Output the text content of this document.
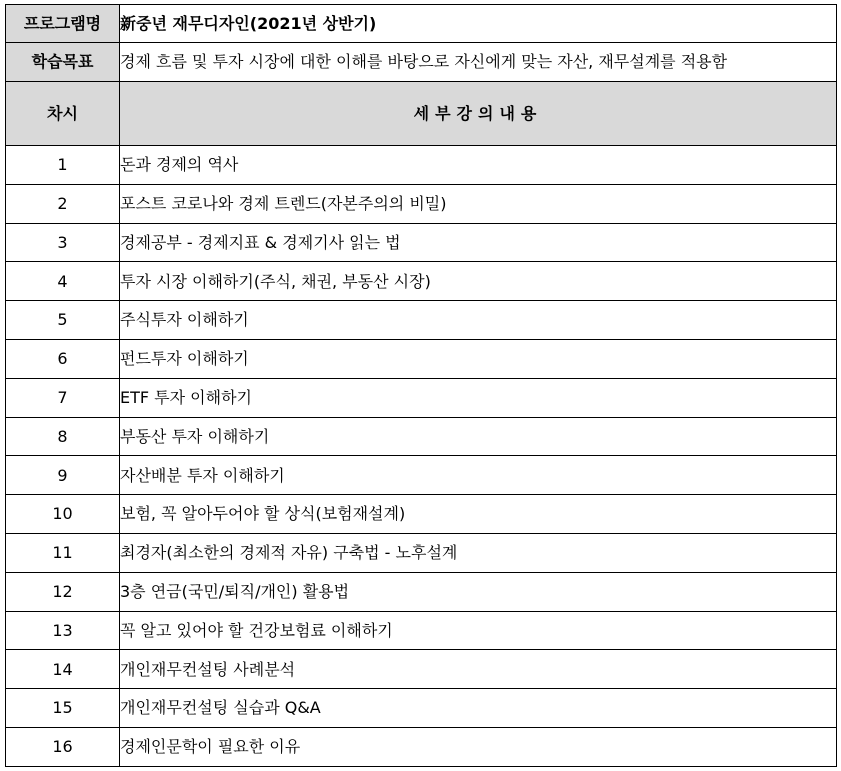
프로그램명	新중년 재무디자인(2021년 상반기)
학습목표	경제 흐름 및 투자 시장에 대한 이해를 바탕으로 자신에게 맞는 자산, 재무설계를 적용함
차시	세부강의내용
1	돈과 경제의 역사
2	포스트 코로나와 경제 트렌드(자본주의의 비밀)
3	경제공부 - 경제지표 & 경제기사 읽는 법
4	투자 시장 이해하기(주식, 채권, 부동산 시장)
5	주식투자 이해하기
6	펀드투자 이해하기
7	ETF 투자 이해하기
8	부동산 투자 이해하기
9	자산배분 투자 이해하기
10	보험, 꼭 알아두어야 할 상식(보험재설계)
11	최경자(최소한의 경제적 자유) 구축법 - 노후설계
12	3층 연금(국민/퇴직/개인) 활용법
13	꼭 알고 있어야 할 건강보험료 이해하기
14	개인재무컨설팅 사례분석
15	개인재무컨설팅 실습과 Q&A
16	경제인문학이 필요한 이유
